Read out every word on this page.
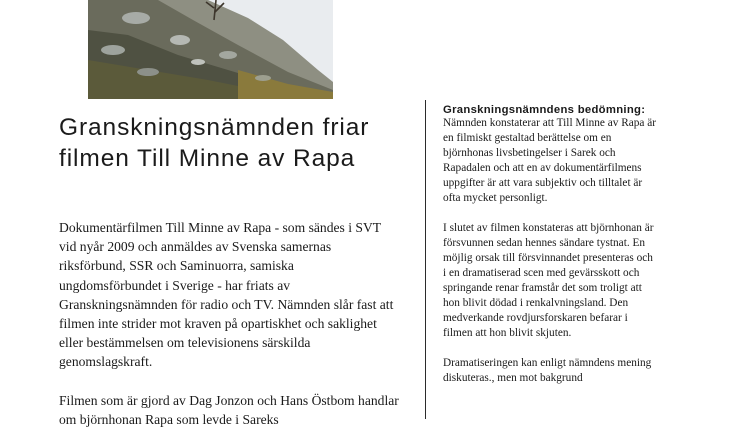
Granskningsnämnden friar filmen Till Minne av Rapa

Dokumentärfilmen Till Minne av Rapa - som sändes i SVT vid nyår 2009 och anmäldes av Svenska samernas riksförbund, SSR och Saminuorra, samiska ungdomsförbundet i Sverige - har friats av Granskningsnämnden för radio och TV. Nämnden slår fast att filmen inte strider mot kraven på opartiskhet och saklighet eller bestämmelsen om televisionens särskilda genomslagskraft.

Filmen som är gjord av Dag Jonzon och Hans Östbom handlar om björnhonan Rapa som levde i Sareks

Granskningsnämndens bedömning:

Nämnden konstaterar att Till Minne av Rapa är en filmiskt gestaltad berättelse om en björnhonas livsbetingelser i Sarek och Rapadalen och att en av dokumentärfilmens uppgifter är att vara subjektiv och tilltalet är ofta mycket personligt.

I slutet av filmen konstateras att björnhonan är försvunnen sedan hennes sändare tystnat. En möjlig orsak till försvinnandet presenteras och i en dramatiserad scen med gevärsskott och springande renar framstår det som troligt att hon blivit dödad i renkalvningsland. Den medverkande rovdjursforskaren befarar i filmen att hon blivit skjuten.

Dramatiseringen kan enligt nämndens mening diskuteras., men mot bakgrund
